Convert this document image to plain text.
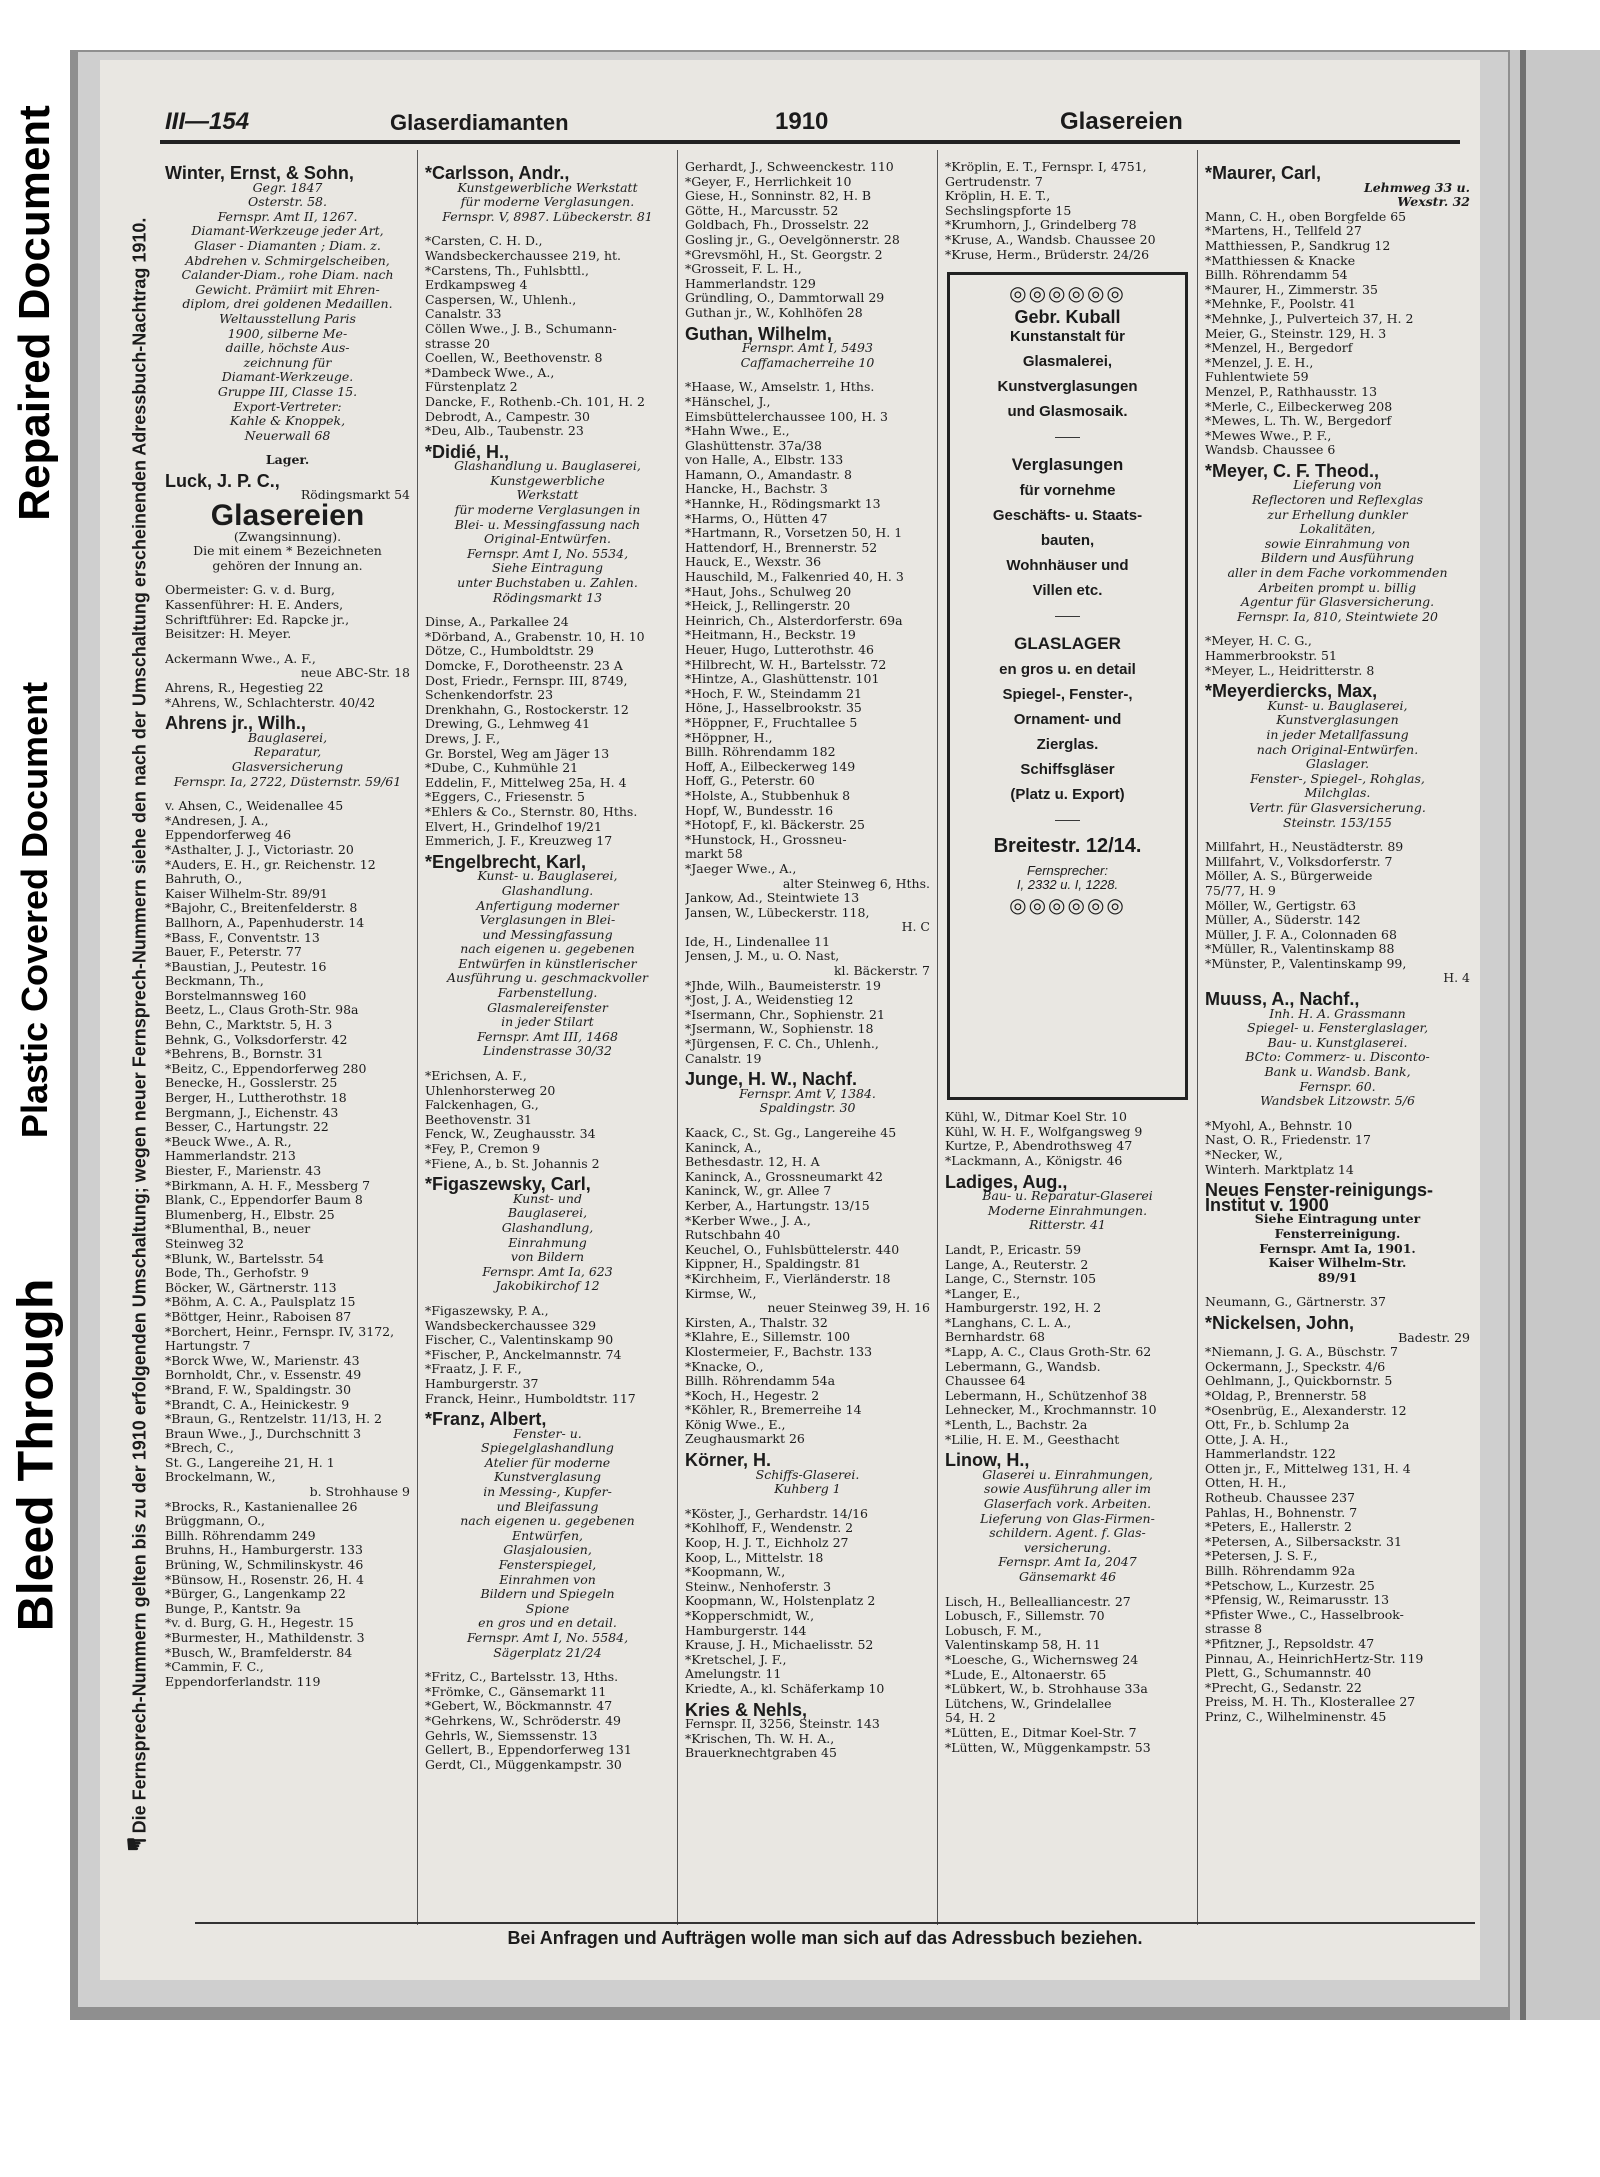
Repaired Document
Plastic Covered Document
Bleed Through
III—154	Glaserdiamanten	1910	Glasereien
Die Fernsprech-Nummern gelten bis zu der 1910 erfolgenden Umschaltung; wegen neuer Fernsprech-Nummern siehe den nach der Umschaltung erscheinenden Adressbuch-Nachtrag 1910.
☛
Winter, Ernst, & Sohn,
Gegr. 1847
Osterstr. 58.
Fernspr. Amt II, 1267.
Diamant-Werkzeuge jeder Art,
Glaser - Diamanten ; Diam. z.
Abdrehen v. Schmirgelscheiben,
Calander-Diam., rohe Diam. nach
Gewicht. Prämiirt mit Ehren-
diplom, drei goldenen Medaillen.
Weltausstellung Paris
1900, silberne Me-
daille, höchste Aus-
zeichnung für
Diamant-Werkzeuge.
Gruppe III, Classe 15.
Export-Vertreter:
Kahle & Knoppek,
Neuerwall 68
Lager.
Luck, J. P. C.,
Rödingsmarkt 54
Glasereien
(Zwangsinnung).
Die mit einem * Bezeichneten
gehören der Innung an.
Obermeister: G. v. d. Burg,
Kassenführer: H. E. Anders,
Schriftführer: Ed. Rapcke jr.,
Beisitzer: H. Meyer.
Ackermann Wwe., A. F.,
neue ABC-Str. 18
Ahrens, R., Hegestieg 22
*Ahrens, W., Schlachterstr. 40/42
Ahrens jr., Wilh.,
Bauglaserei,
Reparatur,
Glasversicherung
Fernspr. Ia, 2722, Düsternstr. 59/61
v. Ahsen, C., Weidenallee 45
*Andresen, J. A.,
Eppendorferweg 46
*Asthalter, J. J., Victoriastr. 20
*Auders, E. H., gr. Reichenstr. 12
Bahruth, O.,
Kaiser Wilhelm-Str. 89/91
*Bajohr, C., Breitenfelderstr. 8
Ballhorn, A., Papenhuderstr. 14
*Bass, F., Conventstr. 13
Bauer, F., Peterstr. 77
*Baustian, J., Peutestr. 16
Beckmann, Th.,
Borstelmannsweg 160
Beetz, L., Claus Groth-Str. 98a
Behn, C., Marktstr. 5, H. 3
Behnk, G., Volksdorferstr. 42
*Behrens, B., Bornstr. 31
*Beitz, C., Eppendorferweg 280
Benecke, H., Gosslerstr. 25
Berger, H., Luttherothstr. 18
Bergmann, J., Eichenstr. 43
Besser, C., Hartungstr. 22
*Beuck Wwe., A. R.,
Hammerlandstr. 213
Biester, F., Marienstr. 43
*Birkmann, A. H. F., Messberg 7
Blank, C., Eppendorfer Baum 8
Blumenberg, H., Elbstr. 25
*Blumenthal, B., neuer
Steinweg 32
*Blunk, W., Bartelsstr. 54
Bode, Th., Gerhofstr. 9
Böcker, W., Gärtnerstr. 113
*Böhm, A. C. A., Paulsplatz 15
*Böttger, Heinr., Raboisen 87
*Borchert, Heinr., Fernspr. IV, 3172,
Hartungstr. 7
*Borck Wwe, W., Marienstr. 43
Bornholdt, Chr., v. Essenstr. 49
*Brand, F. W., Spaldingstr. 30
*Brandt, C. A., Heinickestr. 9
*Braun, G., Rentzelstr. 11/13, H. 2
Braun Wwe., J., Durchschnitt 3
*Brech, C.,
St. G., Langereihe 21, H. 1
Brockelmann, W.,
b. Strohhause 9
*Brocks, R., Kastanienallee 26
Brüggmann, O.,
Billh. Röhrendamm 249
Bruhns, H., Hamburgerstr. 133
Brüning, W., Schmilinskystr. 46
*Bünsow, H., Rosenstr. 26, H. 4
*Bürger, G., Langenkamp 22
Bunge, P., Kantstr. 9a
*v. d. Burg, G. H., Hegestr. 15
*Burmester, H., Mathildenstr. 3
*Busch, W., Bramfelderstr. 84
*Cammin, F. C.,
Eppendorferlandstr. 119
*Carlsson, Andr.,
Kunstgewerbliche Werkstatt
für moderne Verglasungen.
Fernspr. V, 8987. Lübeckerstr. 81
*Carsten, C. H. D.,
Wandsbeckerchaussee 219, ht.
*Carstens, Th., Fuhlsbttl.,
Erdkampsweg 4
Caspersen, W., Uhlenh.,
Canalstr. 33
Cöllen Wwe., J. B., Schumann-
strasse 20
Coellen, W., Beethovenstr. 8
*Dambeck Wwe., A.,
Fürstenplatz 2
Dancke, F., Rothenb.-Ch. 101, H. 2
Debrodt, A., Campestr. 30
*Deu, Alb., Taubenstr. 23
*Didié, H.,
Glashandlung u. Bauglaserei,
Kunstgewerbliche
Werkstatt
für moderne Verglasungen in
Blei- u. Messingfassung nach
Original-Entwürfen.
Fernspr. Amt I, No. 5534,
Siehe Eintragung
unter Buchstaben u. Zahlen.
Rödingsmarkt 13
Dinse, A., Parkallee 24
*Dörband, A., Grabenstr. 10, H. 10
Dötze, C., Humboldtstr. 29
Domcke, F., Dorotheenstr. 23 A
Dost, Friedr., Fernspr. III, 8749,
Schenkendorfstr. 23
Drenkhahn, G., Rostockerstr. 12
Drewing, G., Lehmweg 41
Drews, J. F.,
Gr. Borstel, Weg am Jäger 13
*Dube, C., Kuhmühle 21
Eddelin, F., Mittelweg 25a, H. 4
*Eggers, C., Friesenstr. 5
*Ehlers & Co., Sternstr. 80, Hths.
Elvert, H., Grindelhof 19/21
Emmerich, J. F., Kreuzweg 17
*Engelbrecht, Karl,
Kunst- u. Bauglaserei,
Glashandlung.
Anfertigung moderner
Verglasungen in Blei-
und Messingfassung
nach eigenen u. gegebenen
Entwürfen in künstlerischer
Ausführung u. geschmackvoller
Farbenstellung.
Glasmalereifenster
in jeder Stilart
Fernspr. Amt III, 1468
Lindenstrasse 30/32
*Erichsen, A. F.,
Uhlenhorsterweg 20
Falckenhagen, G.,
Beethovenstr. 31
Fenck, W., Zeughausstr. 34
*Fey, P., Cremon 9
*Fiene, A., b. St. Johannis 2
*Figaszewsky, Carl,
Kunst- und
Bauglaserei,
Glashandlung,
Einrahmung
von Bildern
Fernspr. Amt Ia, 623
Jakobikirchof 12
*Figaszewsky, P. A.,
Wandsbeckerchaussee 329
Fischer, C., Valentinskamp 90
*Fischer, P., Anckelmannstr. 74
*Fraatz, J. F. F.,
Hamburgerstr. 37
Franck, Heinr., Humboldtstr. 117
*Franz, Albert,
Fenster- u.
Spiegelglashandlung
Atelier für moderne
Kunstverglasung
in Messing-, Kupfer-
und Bleifassung
nach eigenen u. gegebenen
Entwürfen,
Glasjalousien,
Fensterspiegel,
Einrahmen von
Bildern und Spiegeln
Spione
en gros und en detail.
Fernspr. Amt I, No. 5584,
Sägerplatz 21/24
*Fritz, C., Bartelsstr. 13, Hths.
*Frömke, C., Gänsemarkt 11
*Gebert, W., Böckmannstr. 47
*Gehrkens, W., Schröderstr. 49
Gehrls, W., Siemssenstr. 13
Gellert, B., Eppendorferweg 131
Gerdt, Cl., Müggenkampstr. 30
Gerhardt, J., Schweenckestr. 110
*Geyer, F., Herrlichkeit 10
Giese, H., Sonninstr. 82, H. B
Götte, H., Marcusstr. 52
Goldbach, Fh., Drosselstr. 22
Gosling jr., G., Oevelgönnerstr. 28
*Grevsmöhl, H., St. Georgstr. 2
*Grosseit, F. L. H.,
Hammerlandstr. 129
Gründling, O., Dammtorwall 29
Guthan jr., W., Kohlhöfen 28
Guthan, Wilhelm,
Fernspr. Amt I, 5493
Caffamacherreihe 10
*Haase, W., Amselstr. 1, Hths.
*Hänschel, J.,
Eimsbüttelerchaussee 100, H. 3
*Hahn Wwe., E.,
Glashüttenstr. 37a/38
von Halle, A., Elbstr. 133
Hamann, O., Amandastr. 8
Hancke, H., Bachstr. 3
*Hannke, H., Rödingsmarkt 13
*Harms, O., Hütten 47
*Hartmann, R., Vorsetzen 50, H. 1
Hattendorf, H., Brennerstr. 52
Hauck, E., Wexstr. 36
Hauschild, M., Falkenried 40, H. 3
*Haut, Johs., Schulweg 20
*Heick, J., Rellingerstr. 20
Heinrich, Ch., Alsterdorferstr. 69a
*Heitmann, H., Beckstr. 19
Heuer, Hugo, Lutterothstr. 46
*Hilbrecht, W. H., Bartelsstr. 72
*Hintze, A., Glashüttenstr. 101
*Hoch, F. W., Steindamm 21
Höne, J., Hasselbrookstr. 35
*Höppner, F., Fruchtallee 5
*Höppner, H.,
Billh. Röhrendamm 182
Hoff, A., Eilbeckerweg 149
Hoff, G., Peterstr. 60
*Holste, A., Stubbenhuk 8
Hopf, W., Bundesstr. 16
*Hotopf, F., kl. Bäckerstr. 25
*Hunstock, H., Grossneu-
markt 58
*Jaeger Wwe., A.,
alter Steinweg 6, Hths.
Jankow, Ad., Steintwiete 13
Jansen, W., Lübeckerstr. 118,
H. C
Ide, H., Lindenallee 11
Jensen, J. M., u. O. Nast,
kl. Bäckerstr. 7
*Jhde, Wilh., Baumeisterstr. 19
*Jost, J. A., Weidenstieg 12
*Isermann, Chr., Sophienstr. 21
*Jsermann, W., Sophienstr. 18
*Jürgensen, F. C. Ch., Uhlenh.,
Canalstr. 19
Junge, H. W., Nachf.
Fernspr. Amt V, 1384.
Spaldingstr. 30
Kaack, C., St. Gg., Langereihe 45
Kaninck, A.,
Bethesdastr. 12, H. A
Kaninck, A., Grossneumarkt 42
Kaninck, W., gr. Allee 7
Kerber, A., Hartungstr. 13/15
*Kerber Wwe., J. A.,
Rutschbahn 40
Keuchel, O., Fuhlsbüttelerstr. 440
Kippner, H., Spaldingstr. 81
*Kirchheim, F., Vierländerstr. 18
Kirmse, W.,
neuer Steinweg 39, H. 16
Kirsten, A., Thalstr. 32
*Klahre, E., Sillemstr. 100
Klostermeier, F., Bachstr. 133
*Knacke, O.,
Billh. Röhrendamm 54a
*Koch, H., Hegestr. 2
*Köhler, R., Bremerreihe 14
König Wwe., E.,
Zeughausmarkt 26
Körner, H.
Schiffs-Glaserei.
Kuhberg 1
*Köster, J., Gerhardstr. 14/16
*Kohlhoff, F., Wendenstr. 2
Koop, H. J. T., Eichholz 27
Koop, L., Mittelstr. 18
*Koopmann, W.,
Steinw., Nenhoferstr. 3
Koopmann, W., Holstenplatz 2
*Kopperschmidt, W.,
Hamburgerstr. 144
Krause, J. H., Michaelisstr. 52
*Kretschel, J. F.,
Amelungstr. 11
Kriedte, A., kl. Schäferkamp 10
Kries & Nehls,
Fernspr. II, 3256, Steinstr. 143
*Krischen, Th. W. H. A.,
Brauerknechtgraben 45
*Kröplin, E. T., Fernspr. I, 4751,
Gertrudenstr. 7
Kröplin, H. E. T.,
Sechslingspforte 15
*Krumhorn, J., Grindelberg 78
*Kruse, A., Wandsb. Chaussee 20
*Kruse, Herm., Brüderstr. 24/26
◎◎◎◎◎◎
Gebr. Kuball
Kunstanstalt für
Glasmalerei,
Kunstverglasungen
und Glasmosaik.
——
Verglasungen
für vornehme
Geschäfts- u. Staats-
bauten,
Wohnhäuser und
Villen etc.
——
GLASLAGER
en gros u. en detail
Spiegel-, Fenster-,
Ornament- und
Zierglas.
Schiffsgläser
(Platz u. Export)
——
Breitestr. 12/14.
Fernsprecher:
I, 2332 u. I, 1228.
◎◎◎◎◎◎
Kühl, W., Ditmar Koel Str. 10
Kühl, W. H. F., Wolfgangsweg 9
Kurtze, P., Abendrothsweg 47
*Lackmann, A., Königstr. 46
Ladiges, Aug.,
Bau- u. Reparatur-Glaserei
Moderne Einrahmungen.
Ritterstr. 41
Landt, P., Ericastr. 59
Lange, A., Reuterstr. 2
Lange, C., Sternstr. 105
*Langer, E.,
Hamburgerstr. 192, H. 2
*Langhans, C. L. A.,
Bernhardstr. 68
*Lapp, A. C., Claus Groth-Str. 62
Lebermann, G., Wandsb.
Chaussee 64
Lebermann, H., Schützenhof 38
Lehnecker, M., Krochmannstr. 10
*Lenth, L., Bachstr. 2a
*Lilie, H. E. M., Geesthacht
Linow, H.,
Glaserei u. Einrahmungen,
sowie Ausführung aller im
Glaserfach vork. Arbeiten.
Lieferung von Glas-Firmen-
schildern. Agent. f. Glas-
versicherung.
Fernspr. Amt Ia, 2047
Gänsemarkt 46
Lisch, H., Bellealliancestr. 27
Lobusch, F., Sillemstr. 70
Lobusch, F. M.,
Valentinskamp 58, H. 11
*Loesche, G., Wichernsweg 24
*Lude, E., Altonaerstr. 65
*Lübkert, W., b. Strohhause 33a
Lütchens, W., Grindelallee
54, H. 2
*Lütten, E., Ditmar Koel-Str. 7
*Lütten, W., Müggenkampstr. 53
*Maurer, Carl,
Lehmweg 33 u.
Wexstr. 32
Mann, C. H., oben Borgfelde 65
*Martens, H., Tellfeld 27
Matthiessen, P., Sandkrug 12
*Matthiessen & Knacke
Billh. Röhrendamm 54
*Maurer, H., Zimmerstr. 35
*Mehnke, F., Poolstr. 41
*Mehnke, J., Pulverteich 37, H. 2
Meier, G., Steinstr. 129, H. 3
*Menzel, H., Bergedorf
*Menzel, J. E. H.,
Fuhlentwiete 59
Menzel, P., Rathhausstr. 13
*Merle, C., Eilbeckerweg 208
*Mewes, L. Th. W., Bergedorf
*Mewes Wwe., P. F.,
Wandsb. Chaussee 6
*Meyer, C. F. Theod.,
Lieferung von
Reflectoren und Reflexglas
zur Erhellung dunkler
Lokalitäten,
sowie Einrahmung von
Bildern und Ausführung
aller in dem Fache vorkommenden
Arbeiten prompt u. billig
Agentur für Glasversicherung.
Fernspr. Ia, 810, Steintwiete 20
*Meyer, H. C. G.,
Hammerbrookstr. 51
*Meyer, L., Heidritterstr. 8
*Meyerdiercks, Max,
Kunst- u. Bauglaserei,
Kunstverglasungen
in jeder Metallfassung
nach Original-Entwürfen.
Glaslager.
Fenster-, Spiegel-, Rohglas,
Milchglas.
Vertr. für Glasversicherung.
Steinstr. 153/155
Millfahrt, H., Neustädterstr. 89
Millfahrt, V., Volksdorferstr. 7
Möller, A. S., Bürgerweide
75/77, H. 9
Möller, W., Gertigstr. 63
Müller, A., Süderstr. 142
Müller, J. F. A., Colonnaden 68
*Müller, R., Valentinskamp 88
*Münster, P., Valentinskamp 99,
H. 4
Muuss, A., Nachf.,
Inh. H. A. Grassmann
Spiegel- u. Fensterglaslager,
Bau- u. Kunstglaserei.
BCto: Commerz- u. Disconto-
Bank u. Wandsb. Bank,
Fernspr. 60.
Wandsbek Litzowstr. 5/6
*Myohl, A., Behnstr. 10
Nast, O. R., Friedenstr. 17
*Necker, W.,
Winterh. Marktplatz 14
Neues Fenster-reinigungs-Institut v. 1900
Siehe Eintragung unter
Fensterreinigung.
Fernspr. Amt Ia, 1901.
Kaiser Wilhelm-Str.
89/91
Neumann, G., Gärtnerstr. 37
*Nickelsen, John,
Badestr. 29
*Niemann, J. G. A., Büschstr. 7
Ockermann, J., Speckstr. 4/6
Oehlmann, J., Quickbornstr. 5
*Oldag, P., Brennerstr. 58
*Osenbrüg, E., Alexanderstr. 12
Ott, Fr., b. Schlump 2a
Otte, J. A. H.,
Hammerlandstr. 122
Otten jr., F., Mittelweg 131, H. 4
Otten, H. H.,
Rotheub. Chaussee 237
Pahlas, H., Bohnenstr. 7
*Peters, E., Hallerstr. 2
*Petersen, A., Silbersackstr. 31
*Petersen, J. S. F.,
Billh. Röhrendamm 92a
*Petschow, L., Kurzestr. 25
*Pfensig, W., Reimarusstr. 13
*Pfister Wwe., C., Hasselbrook-
strasse 8
*Pfitzner, J., Repsoldstr. 47
Pinnau, A., HeinrichHertz-Str. 119
Plett, G., Schumannstr. 40
*Precht, G., Sedanstr. 22
Preiss, M. H. Th., Klosterallee 27
Prinz, C., Wilhelminenstr. 45
Bei Anfragen und Aufträgen wolle man sich auf das Adressbuch beziehen.
